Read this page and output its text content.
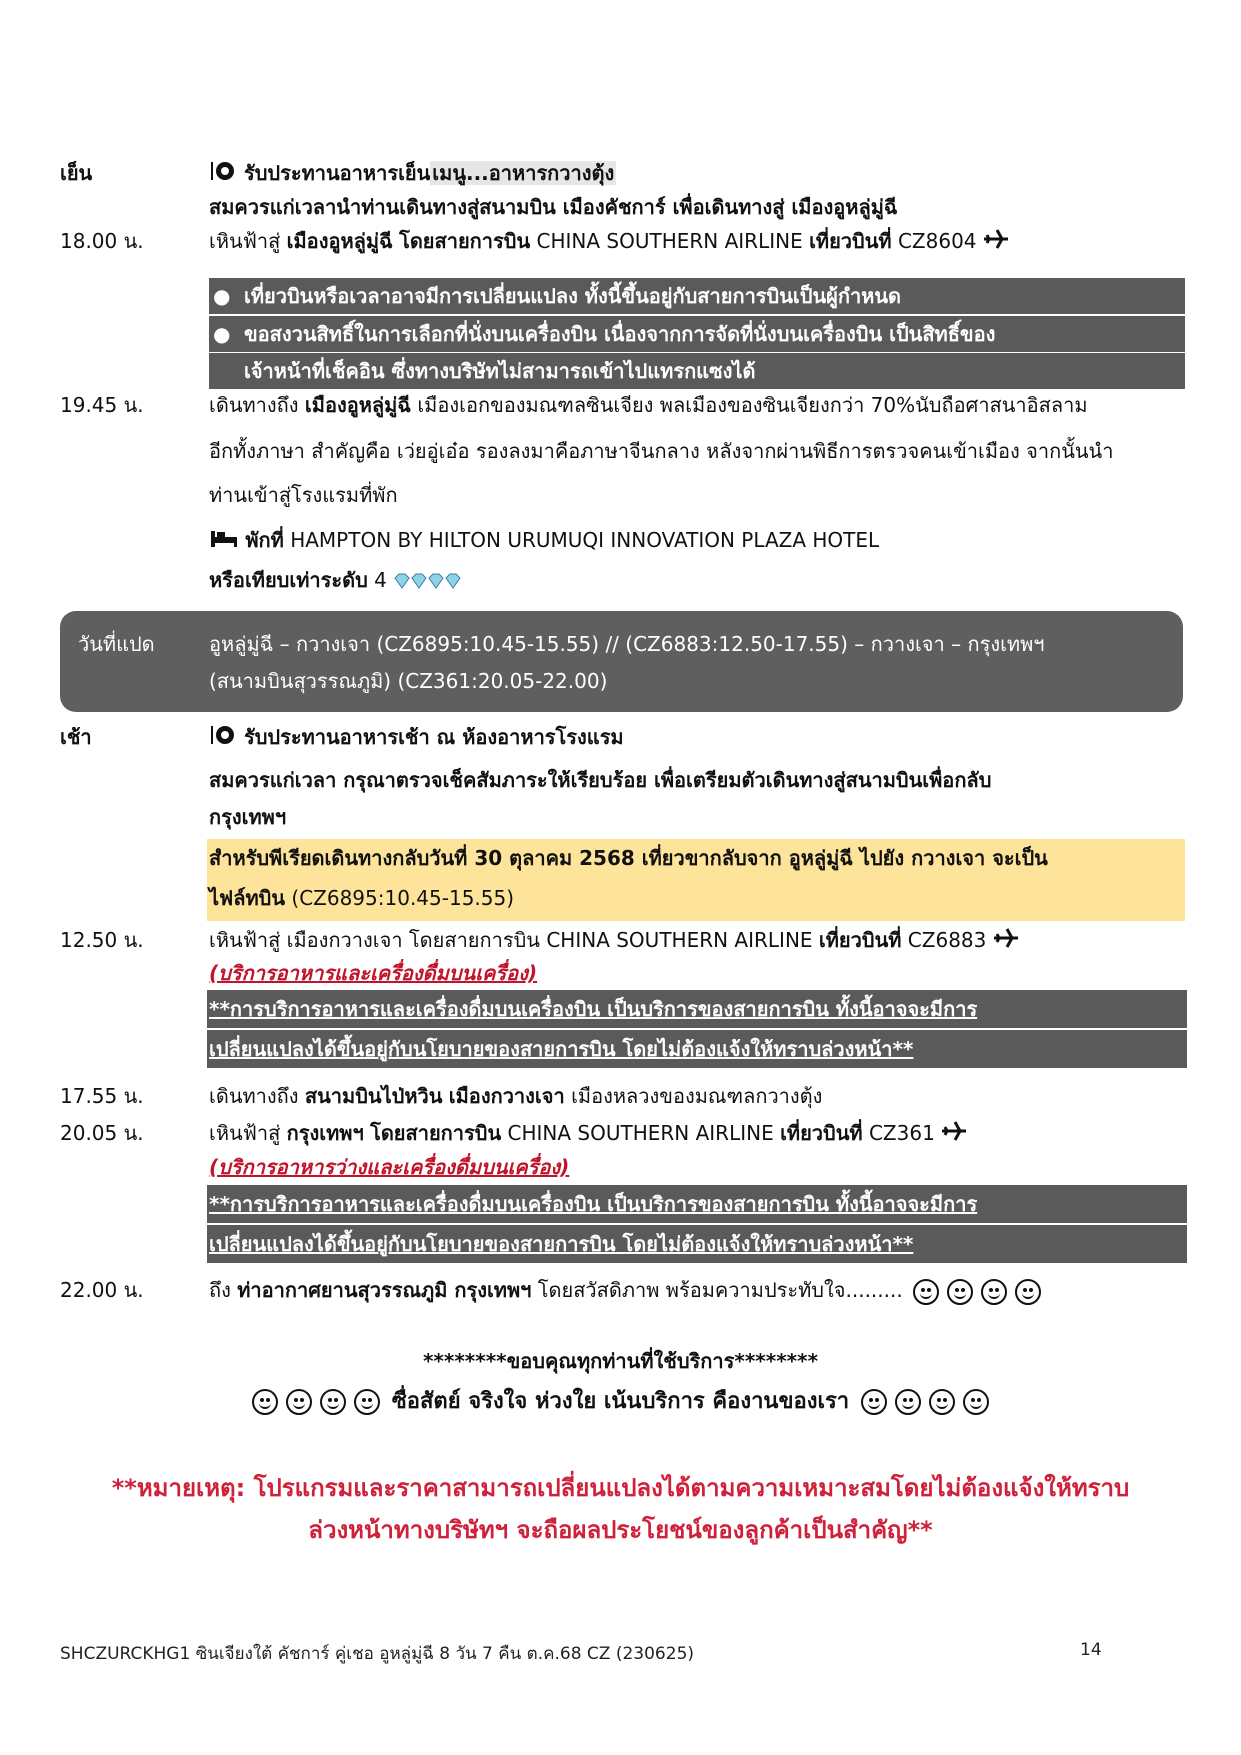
เย็น	รับประทานอาหารเย็น เมนู...อาหารกวางตุ้ง
สมควรแก่เวลานำท่านเดินทางสู่สนามบิน เมืองคัชการ์ เพื่อเดินทางสู่ เมืองอูหลู่มู่ฉี
18.00 น.	เหินฟ้าสู่ เมืองอูหลู่มู่ฉี โดยสายการบิน CHINA SOUTHERN AIRLINE เที่ยวบินที่ CZ8604
● เที่ยวบินหรือเวลาอาจมีการเปลี่ยนแปลง ทั้งนี้ขึ้นอยู่กับสายการบินเป็นผู้กำหนด
● ขอสงวนสิทธิ์ในการเลือกที่นั่งบนเครื่องบิน เนื่องจากการจัดที่นั่งบนเครื่องบิน เป็นสิทธิ์ของ
เจ้าหน้าที่เช็คอิน ซึ่งทางบริษัทไม่สามารถเข้าไปแทรกแซงได้
19.45 น.	เดินทางถึง เมืองอูหลู่มู่ฉี เมืองเอกของมณฑลซินเจียง พลเมืองของซินเจียงกว่า 70%นับถือศาสนาอิสลาม
อีกทั้งภาษา สำคัญคือ เว่ยอู่เอ๋อ รองลงมาคือภาษาจีนกลาง หลังจากผ่านพิธีการตรวจคนเข้าเมือง จากนั้นนำ
ท่านเข้าสู่โรงแรมที่พัก
พักที่ HAMPTON BY HILTON URUMUQI INNOVATION PLAZA HOTEL
หรือเทียบเท่าระดับ 4
วันที่แปด	อูหลู่มู่ฉี – กวางเจา (CZ6895:10.45-15.55) // (CZ6883:12.50-17.55) – กวางเจา – กรุงเทพฯ
(สนามบินสุวรรณภูมิ) (CZ361:20.05-22.00)
เช้า	รับประทานอาหารเช้า ณ ห้องอาหารโรงแรม
สมควรแก่เวลา กรุณาตรวจเช็คสัมภาระให้เรียบร้อย เพื่อเตรียมตัวเดินทางสู่สนามบินเพื่อกลับ
กรุงเทพฯ
สำหรับพีเรียดเดินทางกลับวันที่ 30 ตุลาคม 2568 เที่ยวขากลับจาก อูหลู่มู่ฉี ไปยัง กวางเจา จะเป็น
ไฟล์ทบิน (CZ6895:10.45-15.55)
12.50 น.	เหินฟ้าสู่ เมืองกวางเจา โดยสายการบิน CHINA SOUTHERN AIRLINE เที่ยวบินที่ CZ6883
(บริการอาหารและเครื่องดื่มบนเครื่อง)
**การบริการอาหารและเครื่องดื่มบนเครื่องบิน เป็นบริการของสายการบิน ทั้งนี้อาจจะมีการ
เปลี่ยนแปลงได้ขึ้นอยู่กับนโยบายของสายการบิน โดยไม่ต้องแจ้งให้ทราบล่วงหน้า**
17.55 น.	เดินทางถึง สนามบินไป่หวิน เมืองกวางเจา เมืองหลวงของมณฑลกวางตุ้ง
20.05 น.	เหินฟ้าสู่ กรุงเทพฯ โดยสายการบิน CHINA SOUTHERN AIRLINE เที่ยวบินที่ CZ361
(บริการอาหารว่างและเครื่องดื่มบนเครื่อง)
**การบริการอาหารและเครื่องดื่มบนเครื่องบิน เป็นบริการของสายการบิน ทั้งนี้อาจจะมีการ
เปลี่ยนแปลงได้ขึ้นอยู่กับนโยบายของสายการบิน โดยไม่ต้องแจ้งให้ทราบล่วงหน้า**
22.00 น.	ถึง ท่าอากาศยานสุวรรณภูมิ กรุงเทพฯ โดยสวัสดิภาพ พร้อมความประทับใจ.........
********ขอบคุณทุกท่านที่ใช้บริการ********
ซื่อสัตย์ จริงใจ ห่วงใย เน้นบริการ คืองานของเรา
**หมายเหตุ: โปรแกรมและราคาสามารถเปลี่ยนแปลงได้ตามความเหมาะสมโดยไม่ต้องแจ้งให้ทราบ
ล่วงหน้าทางบริษัทฯ จะถือผลประโยชน์ของลูกค้าเป็นสำคัญ**
SHCZURCKHG1 ซินเจียงใต้ คัชการ์ คู่เชอ อูหลู่มู่ฉี 8 วัน 7 คืน ต.ค.68 CZ (230625)	14
